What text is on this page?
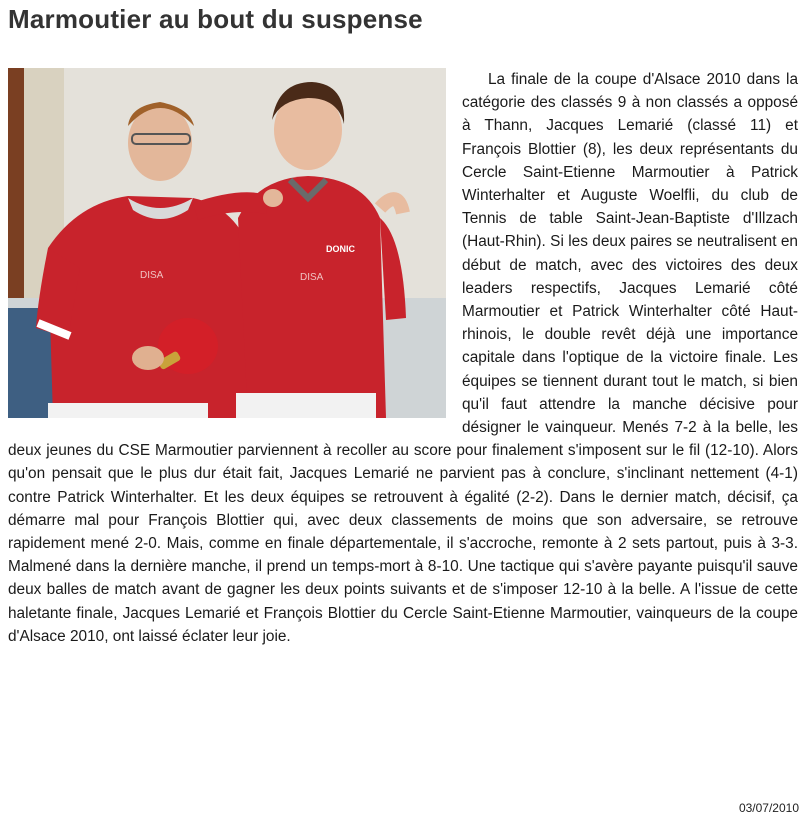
Marmoutier au bout du suspense
DISA
DONIC
DISA
La finale de la coupe d'Alsace 2010 dans la catégorie des classés 9 à non classés a opposé à Thann, Jacques Lemarié (classé 11) et François Blottier (8), les deux représentants du Cercle Saint-Etienne Marmoutier à Patrick Winterhalter et Auguste Woelfli, du club de Tennis de table Saint-Jean-Baptiste d'Illzach (Haut-Rhin). Si les deux paires se neutralisent en début de match, avec des victoires des deux leaders respectifs, Jacques Lemarié côté Marmoutier et Patrick Winterhalter côté Haut-rhinois, le double revêt déjà une importance capitale dans l'optique de la victoire finale. Les équipes se tiennent durant tout le match, si bien qu'il faut attendre la manche décisive pour désigner le vainqueur. Menés 7-2 à la belle, les deux jeunes du CSE Marmoutier parviennent à recoller au score pour finalement s'imposent sur le fil (12-10). Alors qu'on pensait que le plus dur était fait, Jacques Lemarié ne parvient pas à conclure, s'inclinant nettement (4-1) contre Patrick Winterhalter. Et les deux équipes se retrouvent à égalité (2-2). Dans le dernier match, décisif, ça démarre mal pour François Blottier qui, avec deux classements de moins que son adversaire, se retrouve rapidement mené 2-0. Mais, comme en finale départementale, il s'accroche, remonte à 2 sets partout, puis à 3-3. Malmené dans la dernière manche, il prend un temps-mort à 8-10. Une tactique qui s'avère payante puisqu'il sauve deux balles de match avant de gagner les deux points suivants et de s'imposer 12-10 à la belle. A l'issue de cette haletante finale, Jacques Lemarié et François Blottier du Cercle Saint-Etienne Marmoutier, vainqueurs de la coupe d'Alsace 2010, ont laissé éclater leur joie.
03/07/2010
